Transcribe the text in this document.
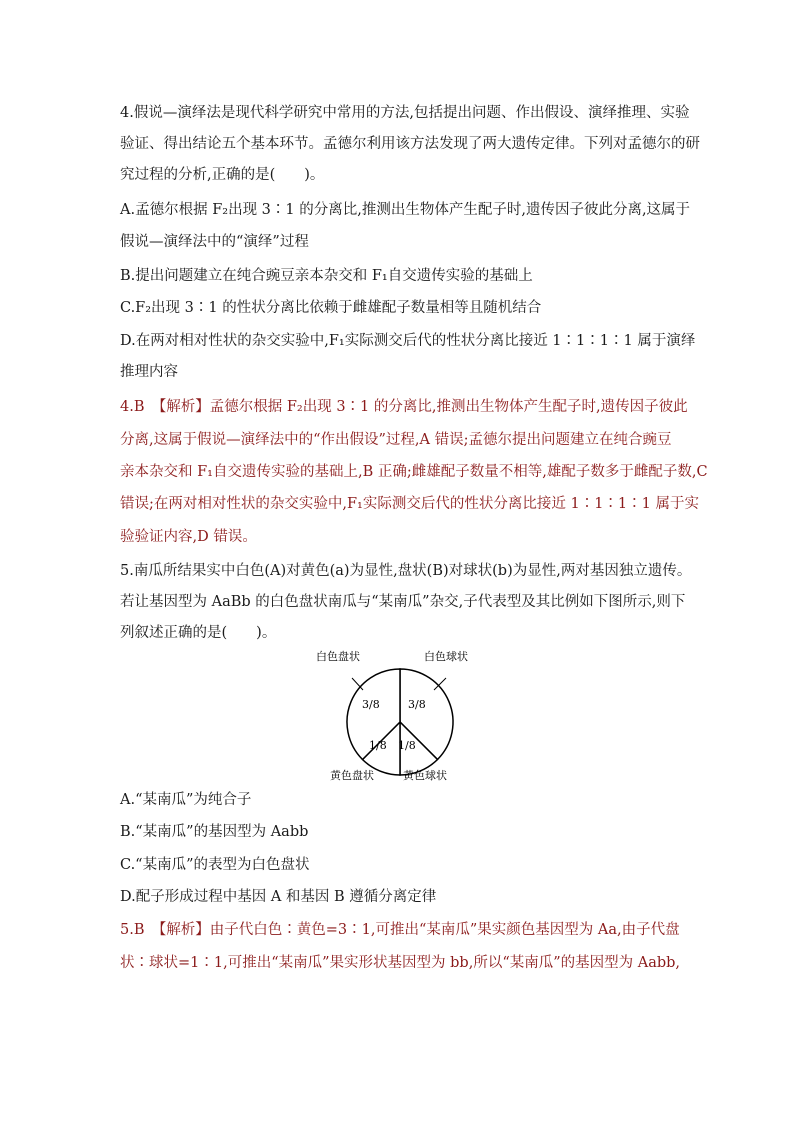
4.假说—演绎法是现代科学研究中常用的方法,包括提出问题、作出假设、演绎推理、实验
验证、得出结论五个基本环节。孟德尔利用该方法发现了两大遗传定律。下列对孟德尔的研
究过程的分析,正确的是(　　)。
A.孟德尔根据 F₂出现 3∶1 的分离比,推测出生物体产生配子时,遗传因子彼此分离,这属于
假说—演绎法中的“演绎”过程
B.提出问题建立在纯合豌豆亲本杂交和 F₁自交遗传实验的基础上
C.F₂出现 3∶1 的性状分离比依赖于雌雄配子数量相等且随机结合
D.在两对相对性状的杂交实验中,F₁实际测交后代的性状分离比接近 1∶1∶1∶1 属于演绎
推理内容
4.B　【解析】孟德尔根据 F₂出现 3∶1 的分离比,推测出生物体产生配子时,遗传因子彼此
分离,这属于假说—演绎法中的“作出假设”过程,A 错误;孟德尔提出问题建立在纯合豌豆
亲本杂交和 F₁自交遗传实验的基础上,B 正确;雌雄配子数量不相等,雄配子数多于雌配子数,C
错误;在两对相对性状的杂交实验中,F₁实际测交后代的性状分离比接近 1∶1∶1∶1 属于实
验验证内容,D 错误。
5.南瓜所结果实中白色(A)对黄色(a)为显性,盘状(B)对球状(b)为显性,两对基因独立遗传。
若让基因型为 AaBb 的白色盘状南瓜与“某南瓜”杂交,子代表型及其比例如下图所示,则下
列叙述正确的是(　　)。
白色盘状	白色球状
黄色盘状	黄色球状
3/8	3/8
1/8 1/8
A.“某南瓜”为纯合子
B.“某南瓜”的基因型为 Aabb
C.“某南瓜”的表型为白色盘状
D.配子形成过程中基因 A 和基因 B 遵循分离定律
5.B　【解析】由子代白色∶黄色=3∶1,可推出“某南瓜”果实颜色基因型为 Aa,由子代盘
状∶球状=1∶1,可推出“某南瓜”果实形状基因型为 bb,所以“某南瓜”的基因型为 Aabb,
